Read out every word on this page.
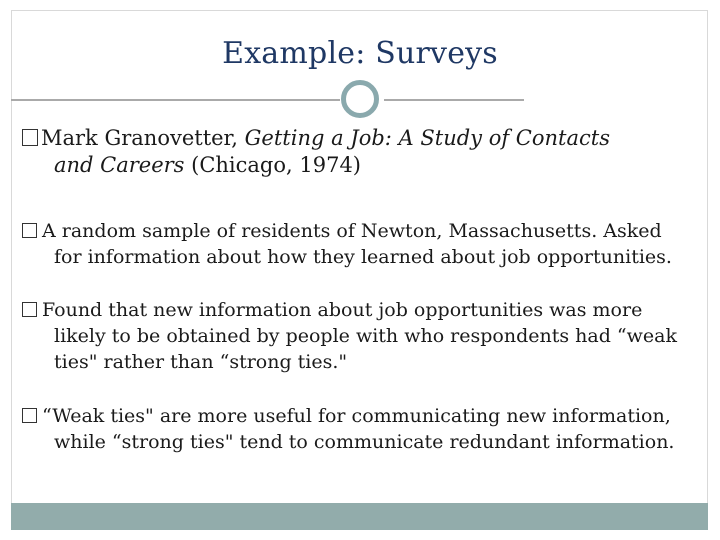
Example: Surveys
Mark Granovetter, Getting a Job: A Study of Contacts
and Careers (Chicago, 1974)
A random sample of residents of Newton, Massachusetts. Asked
for information about how they learned about job opportunities.
Found that new information about job opportunities was more
likely to be obtained by people with who respondents had “weak
ties" rather than “strong ties."
“Weak ties" are more useful for communicating new information,
while “strong ties" tend to communicate redundant information.
